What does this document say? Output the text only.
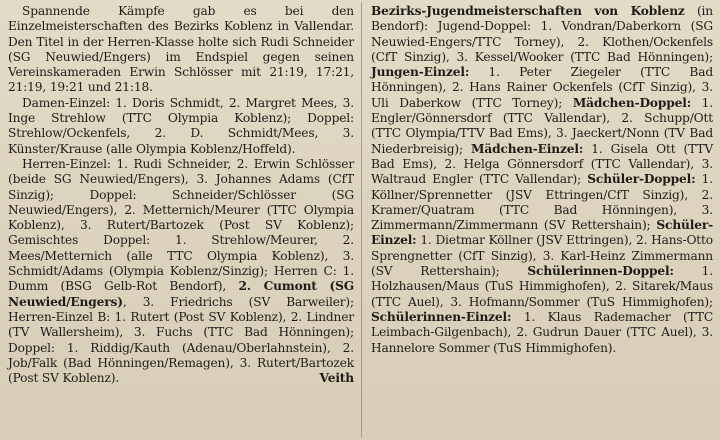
Spannende Kämpfe gab es bei den Einzelmeisterschaften des Bezirks Koblenz in Vallendar. Den Titel in der Herren-Klasse holte sich Rudi Schneider (SG Neuwied/Engers) im Endspiel gegen seinen Vereinskameraden Erwin Schlösser mit 21:19, 17:21, 21:19, 19:21 und 21:18.

Damen-Einzel: 1. Doris Schmidt, 2. Margret Mees, 3. Inge Strehlow (TTC Olympia Koblenz); Doppel: Strehlow/Ockenfels, 2. D. Schmidt/Mees, 3. Künster/Krause (alle Olympia Koblenz/Hoffeld).

Herren-Einzel: 1. Rudi Schneider, 2. Erwin Schlösser (beide SG Neuwied/Engers), 3. Johannes Adams (CfT Sinzig); Doppel: Schneider/Schlösser (SG Neuwied/Engers), 2. Metternich/Meurer (TTC Olympia Koblenz), 3. Rutert/Bartozek (Post SV Koblenz); Gemischtes Doppel: 1. Strehlow/Meurer, 2. Mees/Metternich (alle TTC Olympia Koblenz), 3. Schmidt/Adams (Olympia Koblenz/Sinzig); Herren C: 1. Dumm (BSG Gelb-Rot Bendorf), 2. Cumont (SG Neuwied/Engers), 3. Friedrichs (SV Barweiler); Herren-Einzel B: 1. Rutert (Post SV Koblenz), 2. Lindner (TV Wallersheim), 3. Fuchs (TTC Bad Hönningen); Doppel: 1. Riddig/Kauth (Adenau/Oberlahnstein), 2. Job/Falk (Bad Hönningen/Remagen), 3. Rutert/Bartozek (Post SV Koblenz).	Veith

Bezirks-Jugendmeisterschaften von Koblenz (in Bendorf): Jugend-Doppel: 1. Vondran/Daberkorn (SG Neuwied-Engers/TTC Torney), 2. Klothen/Ockenfels (CfT Sinzig), 3. Kessel/Wooker (TTC Bad Hönningen); Jungen-Einzel: 1. Peter Ziegeler (TTC Bad Hönningen), 2. Hans Rainer Ockenfels (CfT Sinzig), 3. Uli Daberkow (TTC Torney); Mädchen-Doppel: 1. Engler/Gönnersdorf (TTC Vallendar), 2. Schupp/Ott (TTC Olympia/TTV Bad Ems), 3. Jaeckert/Nonn (TV Bad Niederbreisig); Mädchen-Einzel: 1. Gisela Ott (TTV Bad Ems), 2. Helga Gönnersdorf (TTC Vallendar), 3. Waltraud Engler (TTC Vallendar); Schüler-Doppel: 1. Köllner/Sprennetter (JSV Ettringen/CfT Sinzig), 2. Kramer/Quatram (TTC Bad Hönningen), 3. Zimmermann/Zimmermann (SV Rettershain); Schüler-Einzel: 1. Dietmar Köllner (JSV Ettringen), 2. Hans-Otto Sprengnetter (CfT Sinzig), 3. Karl-Heinz Zimmermann (SV Rettershain); Schülerinnen-Doppel: 1. Holzhausen/Maus (TuS Himmighofen), 2. Sitarek/Maus (TTC Auel), 3. Hofmann/Sommer (TuS Himmighofen); Schülerinnen-Einzel: 1. Klaus Rademacher (TTC Leimbach-Gilgenbach), 2. Gudrun Dauer (TTC Auel), 3. Hannelore Sommer (TuS Himmighofen).
